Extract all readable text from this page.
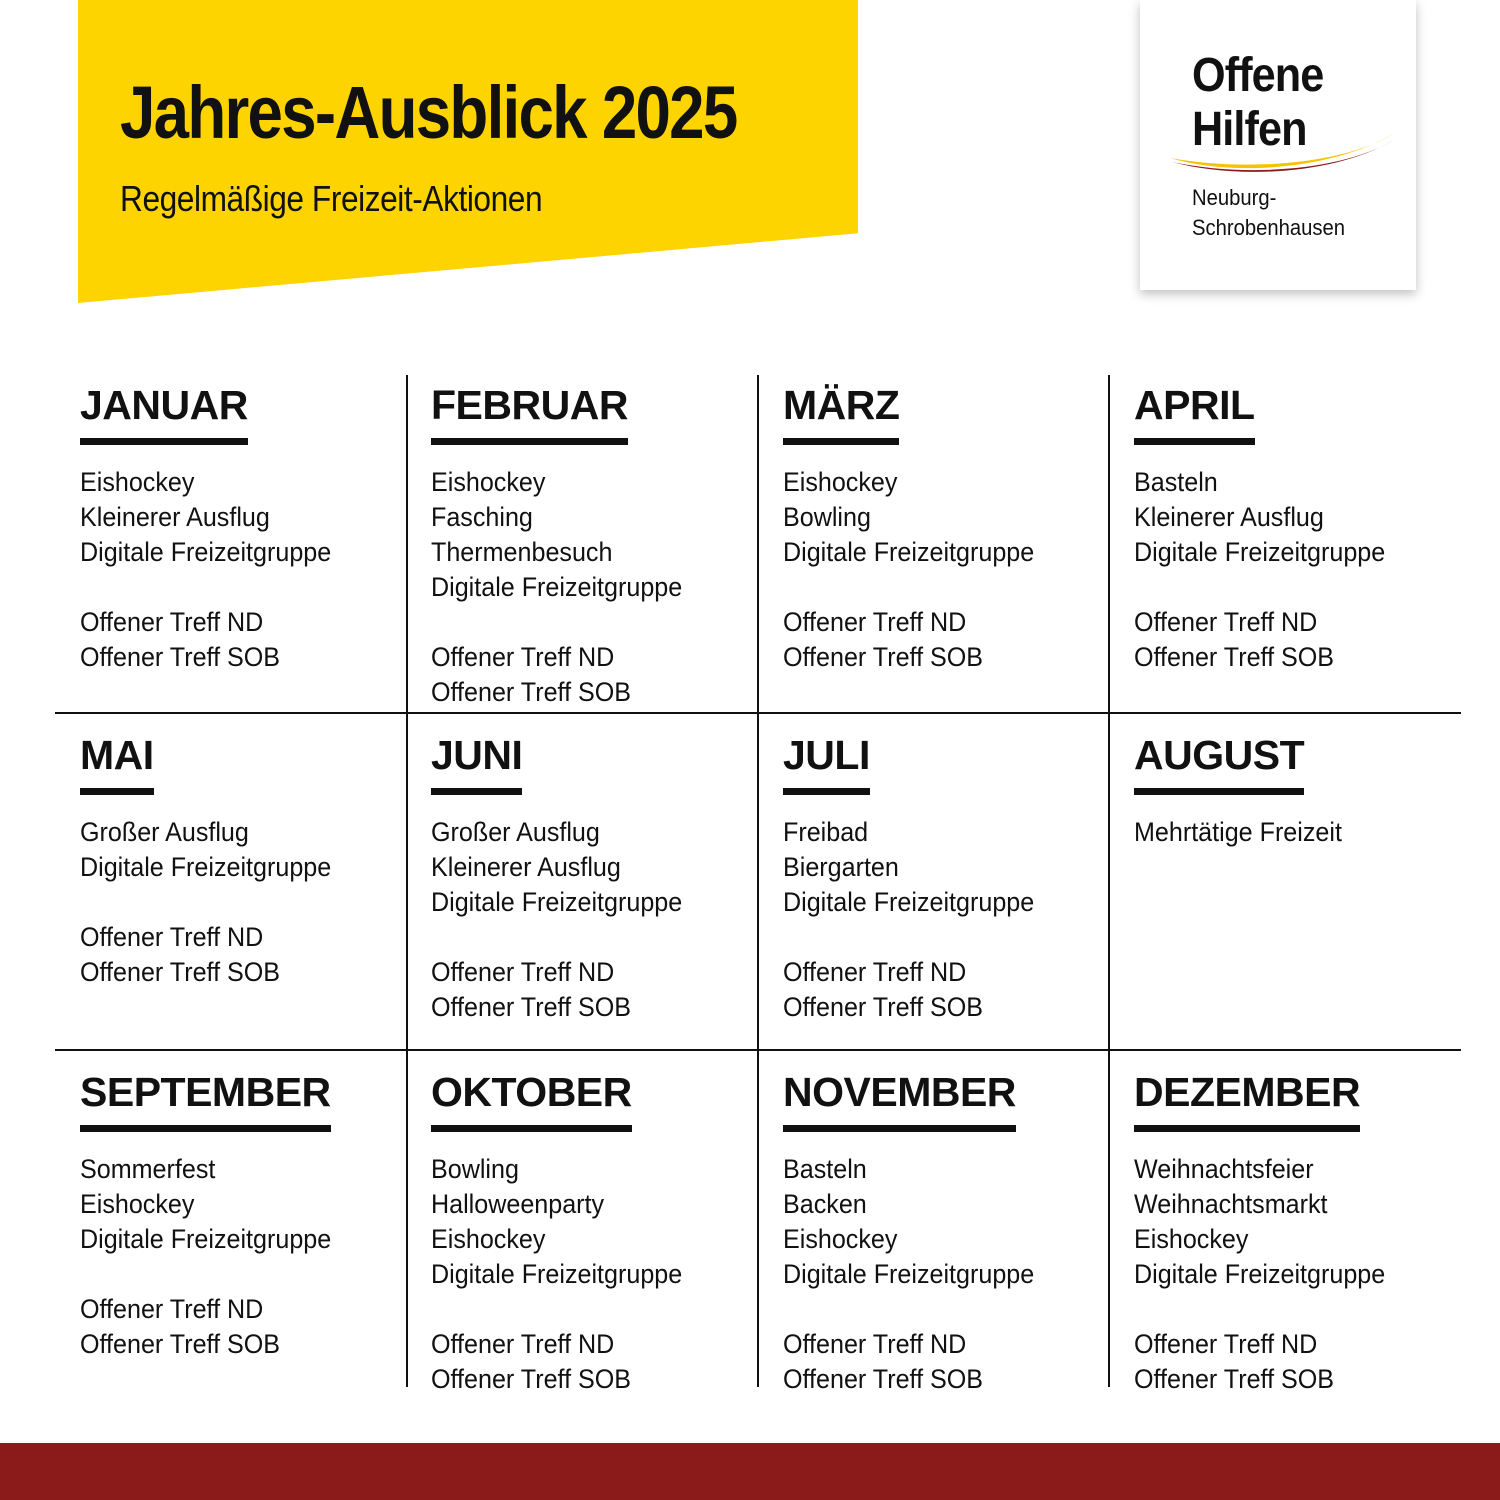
Jahres-Ausblick 2025

Regelmäßige Freizeit-Aktionen

Offene
Hilfen
Neuburg-
Schrobenhausen
JANUAR
Eishockey
Kleinerer Ausflug
Digitale Freizeitgruppe
Offener Treff ND
Offener Treff SOB
FEBRUAR
Eishockey
Fasching
Thermenbesuch
Digitale Freizeitgruppe
Offener Treff ND
Offener Treff SOB
MÄRZ
Eishockey
Bowling
Digitale Freizeitgruppe
Offener Treff ND
Offener Treff SOB
APRIL
Basteln
Kleinerer Ausflug
Digitale Freizeitgruppe
Offener Treff ND
Offener Treff SOB
MAI
Großer Ausflug
Digitale Freizeitgruppe
Offener Treff ND
Offener Treff SOB
JUNI
Großer Ausflug
Kleinerer Ausflug
Digitale Freizeitgruppe
Offener Treff ND
Offener Treff SOB
JULI
Freibad
Biergarten
Digitale Freizeitgruppe
Offener Treff ND
Offener Treff SOB
AUGUST
Mehrtätige Freizeit
SEPTEMBER
Sommerfest
Eishockey
Digitale Freizeitgruppe
Offener Treff ND
Offener Treff SOB
OKTOBER
Bowling
Halloweenparty
Eishockey
Digitale Freizeitgruppe
Offener Treff ND
Offener Treff SOB
NOVEMBER
Basteln
Backen
Eishockey
Digitale Freizeitgruppe
Offener Treff ND
Offener Treff SOB
DEZEMBER
Weihnachtsfeier
Weihnachtsmarkt
Eishockey
Digitale Freizeitgruppe
Offener Treff ND
Offener Treff SOB
